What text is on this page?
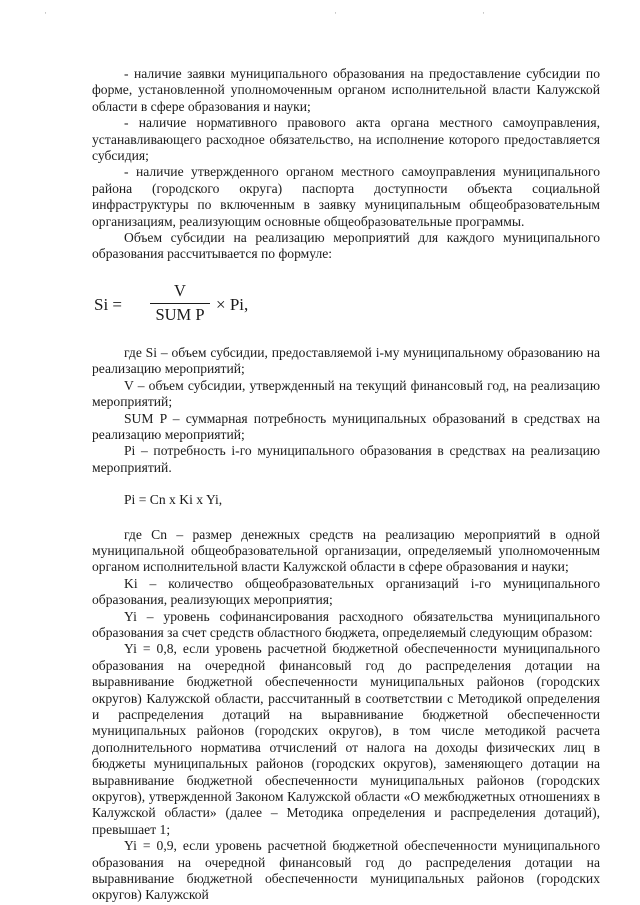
·	·	·

- наличие заявки муниципального образования на предоставление субсидии по форме, установленной уполномоченным органом исполнительной власти Калужской области в сфере образования и науки;

- наличие нормативного правового акта органа местного самоуправления, устанавливающего расходное обязательство, на исполнение которого предоставляется субсидия;

- наличие утвержденного органом местного самоуправления муниципального района (городского округа) паспорта доступности объекта социальной инфраструктуры по включенным в заявку муниципальным общеобразовательным организациям, реализующим основные общеобразовательные программы.

Объем субсидии на реализацию мероприятий для каждого муниципального образования рассчитывается по формуле:

Si =
V
SUM P
× Pi,

где Si – объем субсидии, предоставляемой i-му муниципальному образованию на реализацию мероприятий;

V – объем субсидии, утвержденный на текущий финансовый год, на реализацию мероприятий;

SUM P – суммарная потребность муниципальных образований в средствах на реализацию мероприятий;

Pi – потребность i-го муниципального образования в средствах на реализацию мероприятий.

Pi = Cn x Ki x Yi,

где Cn – размер денежных средств на реализацию мероприятий в одной муниципальной общеобразовательной организации, определяемый уполномоченным органом исполнительной власти Калужской области в сфере образования и науки;

Ki – количество общеобразовательных организаций i-го муниципального образования, реализующих мероприятия;

Yi – уровень софинансирования расходного обязательства муниципального образования за счет средств областного бюджета, определяемый следующим образом:

Yi = 0,8, если уровень расчетной бюджетной обеспеченности муниципального образования на очередной финансовый год до распределения дотации на выравнивание бюджетной обеспеченности муниципальных районов (городских округов) Калужской области, рассчитанный в соответствии с Методикой определения и распределения дотаций на выравнивание бюджетной обеспеченности муниципальных районов (городских округов), в том числе методикой расчета дополнительного норматива отчислений от налога на доходы физических лиц в бюджеты муниципальных районов (городских округов), заменяющего дотации на выравнивание бюджетной обеспеченности муниципальных районов (городских округов), утвержденной Законом Калужской области «О межбюджетных отношениях в Калужской области» (далее – Методика определения и распределения дотаций), превышает 1;

Yi = 0,9, если уровень расчетной бюджетной обеспеченности муниципального образования на очередной финансовый год до распределения дотации на выравнивание бюджетной обеспеченности муниципальных районов (городских округов) Калужской
